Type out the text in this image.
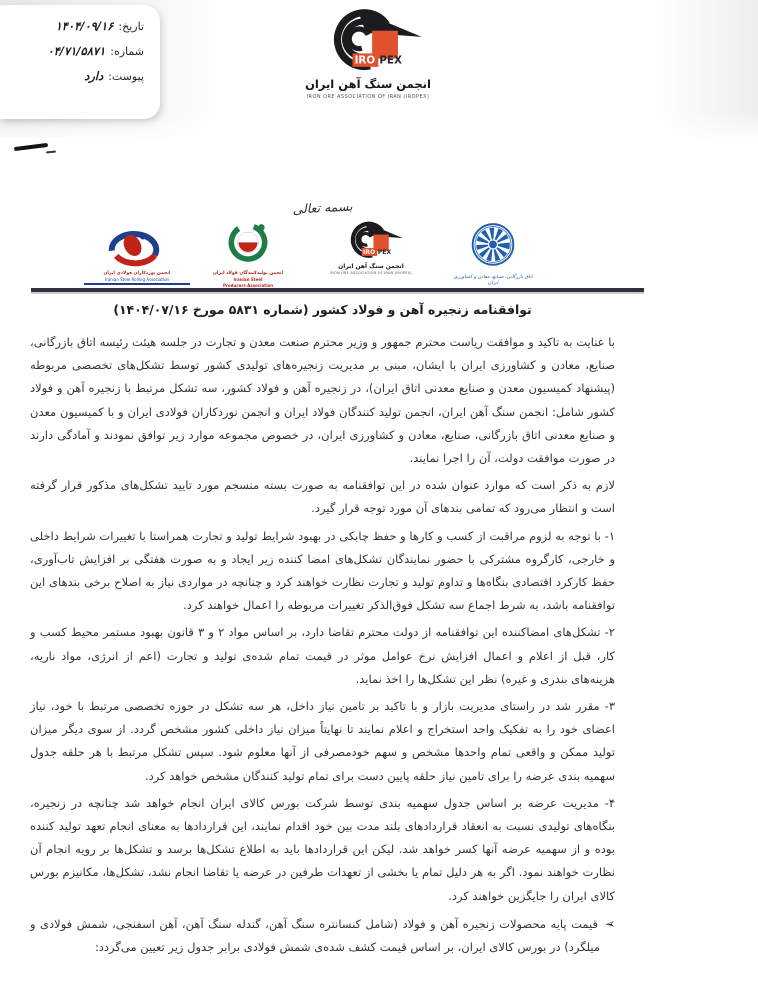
تاریخ:
۱۴۰۴/۰۹/۱۶
شماره:
۰۴/۷۱/۵۸۷۱
پیوست:
دارد
IRO PEX
انجمن سنگ آهن ایران
IRON ORE ASSOCIATION OF IRAN (IROPEX)
بسمه تعالی
انجمن نوردکاران فولادی ایران
Iranian Steel Rolling Association
انجمن تولیدکنندگان فولاد ایران
Iranian Steel
Producers Association
IRO PEX
انجمن سنگ آهن ایران
IRON ORE ASSOCIATION OF IRAN (IROPEX)
اتاق بازرگانی، صنایع، معادن و کشاورزی ایران
توافقنامه زنجیره آهن و فولاد کشور (شماره ۵۸۳۱ مورخ ۱۴۰۴/۰۷/۱۶)

با عنایت به تاکید و موافقت ریاست محترم جمهور و وزیر محترم صنعت معدن و تجارت در جلسه هیئت رئیسه اتاق بازرگانی، صنایع، معادن و کشاورزی ایران با ایشان، مبنی بر مدیریت زنجیره‌های تولیدی کشور توسط تشکل‌های تخصصی مربوطه (پیشنهاد کمیسیون معدن و صنایع معدنی اتاق ایران)، در زنجیره آهن و فولاد کشور، سه تشکل مرتبط با زنجیره آهن و فولاد کشور شامل: انجمن سنگ آهن ایران، انجمن تولید کنندگان فولاد ایران و انجمن نوردکاران فولادی ایران و با کمیسیون معدن و صنایع معدنی اتاق بازرگانی، صنایع، معادن و کشاورزی ایران، در خصوص مجموعه موارد زیر توافق نمودند و آمادگی دارند در صورت موافقت دولت، آن را اجرا نمایند.

لازم به ذکر است که موارد عنوان شده در این توافقنامه به صورت بسته منسجم مورد تایید تشکل‌های مذکور قرار گرفته است و انتظار می‌رود که تمامی بندهای آن مورد توجه قرار گیرد.

۱- با توجه به لزوم مراقبت از کسب و کارها و حفظ چابکی در بهبود شرایط تولید و تجارت همراستا با تغییرات شرایط داخلی و خارجی، کارگروه مشترکی با حضور نمایندگان تشکل‌های امضا کننده زیر ایجاد و به صورت هفتگی بر افزایش تاب‌آوری، حفظ کارکرد اقتصادی بنگاه‌ها و تداوم تولید و تجارت نظارت خواهند کرد و چنانچه در مواردی نیاز به اصلاح برخی بندهای این توافقنامه باشد، به شرط اجماع سه تشکل فوق‌الذکر تغییرات مربوطه را اعمال خواهند کرد.

۲- تشکل‌های امضاکننده این توافقنامه از دولت محترم تقاضا دارد، بر اساس مواد ۲ و ۳ قانون بهبود مستمر محیط کسب و کار، قبل از اعلام و اعمال افزایش نرخ عوامل موثر در قیمت تمام شده‌ی تولید و تجارت (اعم از انرژی، مواد ناریه، هزینه‌های بندری و غیره) نظر این تشکل‌ها را اخذ نماید.

۳- مقرر شد در راستای مدیریت بازار و با تاکید بر تامین نیاز داخل، هر سه تشکل در حوزه تخصصی مرتبط با خود، نیاز اعضای خود را به تفکیک واحد استخراج و اعلام نمایند تا نهایتاً میزان نیاز داخلی کشور مشخص گردد. از سوی دیگر میزان تولید ممکن و واقعی تمام واحدها مشخص و سهم خودمصرفی از آنها معلوم شود. سپس تشکل مرتبط با هر حلقه جدول سهمیه بندی عرضه را برای تامین نیاز حلقه پایین دست برای تمام تولید کنندگان مشخص خواهد کرد.

۴- مدیریت عرضه بر اساس جدول سهمیه بندی توسط شرکت بورس کالای ایران انجام خواهد شد چنانچه در زنجیره، بنگاه‌های تولیدی نسبت به انعقاد قراردادهای بلند مدت بین خود اقدام نمایند، این قراردادها به معنای انجام تعهد تولید کننده بوده و از سهمیه عرضه آنها کسر خواهد شد. لیکن این قراردادها باید به اطلاع تشکل‌ها برسد و تشکل‌ها بر رویه انجام آن نظارت خواهند نمود. اگر به هر دلیل تمام یا بخشی از تعهدات طرفین در عرضه یا تقاضا انجام نشد، تشکل‌ها، مکانیزم بورس کالای ایران را جایگزین خواهند کرد.

➢ قیمت پایه محصولات زنجیره آهن و فولاد (شامل کنسانتره سنگ آهن، گندله سنگ آهن، آهن اسفنجی، شمش فولادی و میلگرد) در بورس کالای ایران، بر اساس قیمت کشف شده‌ی شمش فولادی برابر جدول زیر تعیین می‌گردد:
